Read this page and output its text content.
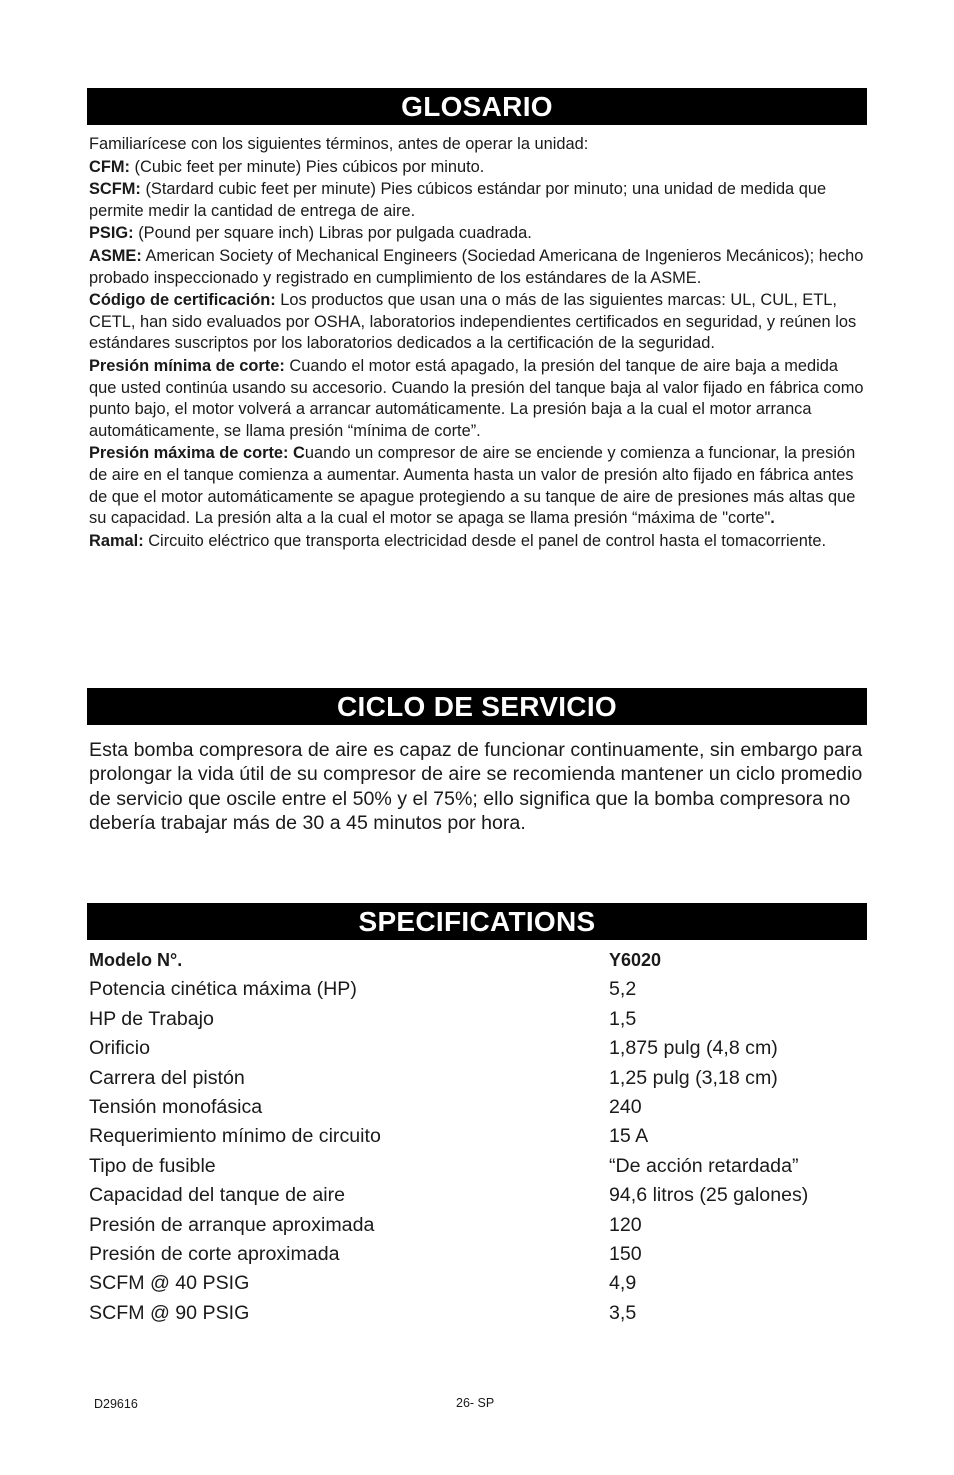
GLOSARIO

Familiarícese con los siguientes términos, antes de operar la unidad:

CFM: (Cubic feet per minute) Pies cúbicos por minuto.

SCFM: (Stardard cubic feet per minute) Pies cúbicos estándar por minuto; una unidad de medida que permite medir la cantidad de entrega de aire.

PSIG: (Pound per square inch) Libras por pulgada cuadrada.

ASME: American Society of Mechanical Engineers (Sociedad Americana de Ingenieros Mecánicos); hecho probado inspeccionado y registrado en cumplimiento de los estándares de la ASME.

Código de certificación: Los productos que usan una o más de las siguientes marcas: UL, CUL, ETL, CETL, han sido evaluados por OSHA, laboratorios independientes certificados en seguridad, y reúnen los estándares suscriptos por los laboratorios dedicados a la certificación de la seguridad.

Presión mínima de corte: Cuando el motor está apagado, la presión del tanque de aire baja a medida que usted continúa usando su accesorio. Cuando la presión del tanque baja al valor fijado en fábrica como punto bajo, el motor volverá a arrancar automáticamente. La presión baja a la cual el motor arranca automáticamente, se llama presión “mínima de corte”.

Presión máxima de corte: Cuando un compresor de aire se enciende y comienza a funcionar, la presión de aire en el tanque comienza a aumentar. Aumenta hasta un valor de presión alto fijado en fábrica antes de que el motor automáticamente se apague protegiendo a su tanque de aire de presiones más altas que su capacidad. La presión alta a la cual el motor se apaga se llama presión “máxima de "corte".

Ramal: Circuito eléctrico que transporta electricidad desde el panel de control hasta el tomacorriente.

CICLO DE SERVICIO

Esta bomba compresora de aire es capaz de funcionar continuamente, sin embargo para prolongar la vida útil de su compresor de aire se recomienda mantener un ciclo promedio de servicio que oscile entre el 50% y el 75%; ello significa que la bomba compresora no debería trabajar más de 30 a 45 minutos por hora.

SPECIFICATIONS
Modelo N°.	Y6020
Potencia cinética máxima (HP)	5,2
HP de Trabajo	1,5
Orificio	1,875 pulg (4,8 cm)
Carrera del pistón	1,25 pulg (3,18 cm)
Tensión monofásica	240
Requerimiento mínimo de circuito	15 A
Tipo de fusible	“De acción retardada”
Capacidad del tanque de aire	94,6 litros (25 galones)
Presión de arranque aproximada	120
Presión de corte aproximada	150
SCFM @ 40 PSIG	4,9
SCFM @ 90 PSIG	3,5
D29616	26- SP
